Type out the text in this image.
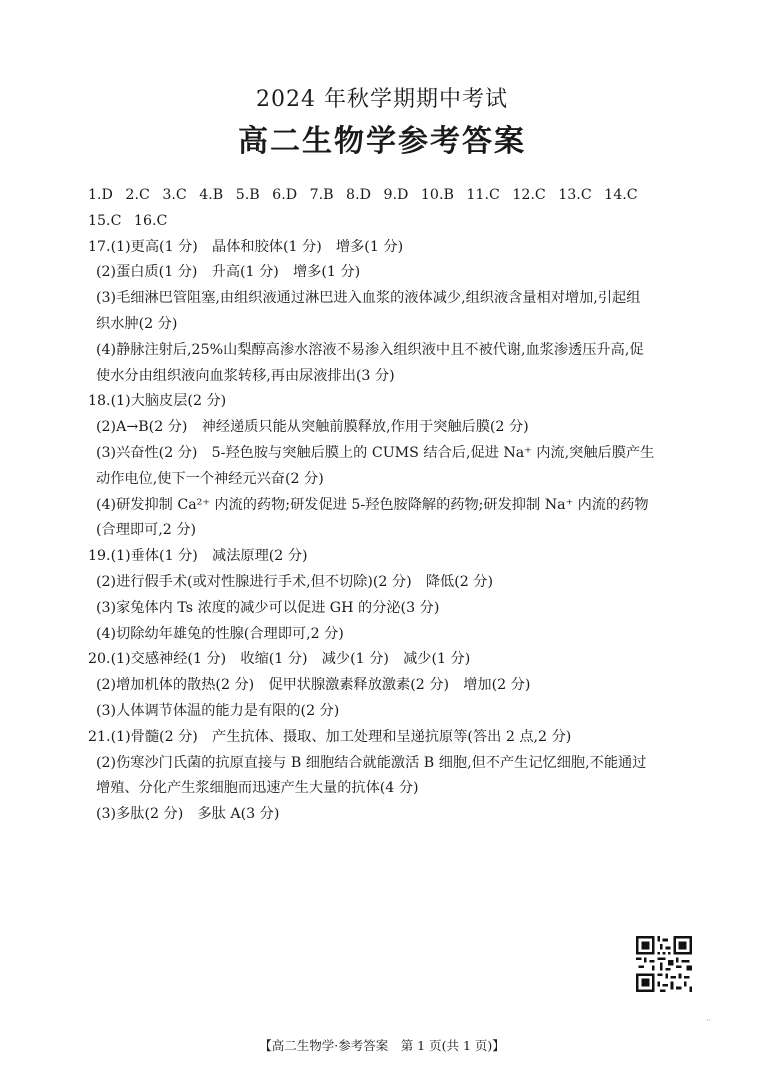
2024 年秋学期期中考试
高二生物学参考答案
1.D 2.C 3.C 4.B 5.B 6.D 7.B 8.D 9.D 10.B 11.C 12.C 13.C 14.C
15.C 16.C
17.(1)更高(1 分)　晶体和胶体(1 分)　增多(1 分)
(2)蛋白质(1 分)　升高(1 分)　增多(1 分)
(3)毛细淋巴管阻塞,由组织液通过淋巴进入血浆的液体减少,组织液含量相对增加,引起组
织水肿(2 分)
(4)静脉注射后,25%山梨醇高渗水溶液不易渗入组织液中且不被代谢,血浆渗透压升高,促
使水分由组织液向血浆转移,再由尿液排出(3 分)
18.(1)大脑皮层(2 分)
(2)A→B(2 分)　神经递质只能从突触前膜释放,作用于突触后膜(2 分)
(3)兴奋性(2 分)　5-羟色胺与突触后膜上的 CUMS 结合后,促进 Na⁺ 内流,突触后膜产生
动作电位,使下一个神经元兴奋(2 分)
(4)研发抑制 Ca²⁺ 内流的药物;研发促进 5-羟色胺降解的药物;研发抑制 Na⁺ 内流的药物
(合理即可,2 分)
19.(1)垂体(1 分)　减法原理(2 分)
(2)进行假手术(或对性腺进行手术,但不切除)(2 分)　降低(2 分)
(3)家兔体内 Ts 浓度的减少可以促进 GH 的分泌(3 分)
(4)切除幼年雄兔的性腺(合理即可,2 分)
20.(1)交感神经(1 分)　收缩(1 分)　减少(1 分)　减少(1 分)
(2)增加机体的散热(2 分)　促甲状腺激素释放激素(2 分)　增加(2 分)
(3)人体调节体温的能力是有限的(2 分)
21.(1)骨髓(2 分)　产生抗体、摄取、加工处理和呈递抗原等(答出 2 点,2 分)
(2)伤寒沙门氏菌的抗原直接与 B 细胞结合就能激活 B 细胞,但不产生记忆细胞,不能通过
增殖、分化产生浆细胞而迅速产生大量的抗体(4 分)
(3)多肽(2 分)　多肽 A(3 分)
··
【高二生物学·参考答案　第 1 页(共 1 页)】
